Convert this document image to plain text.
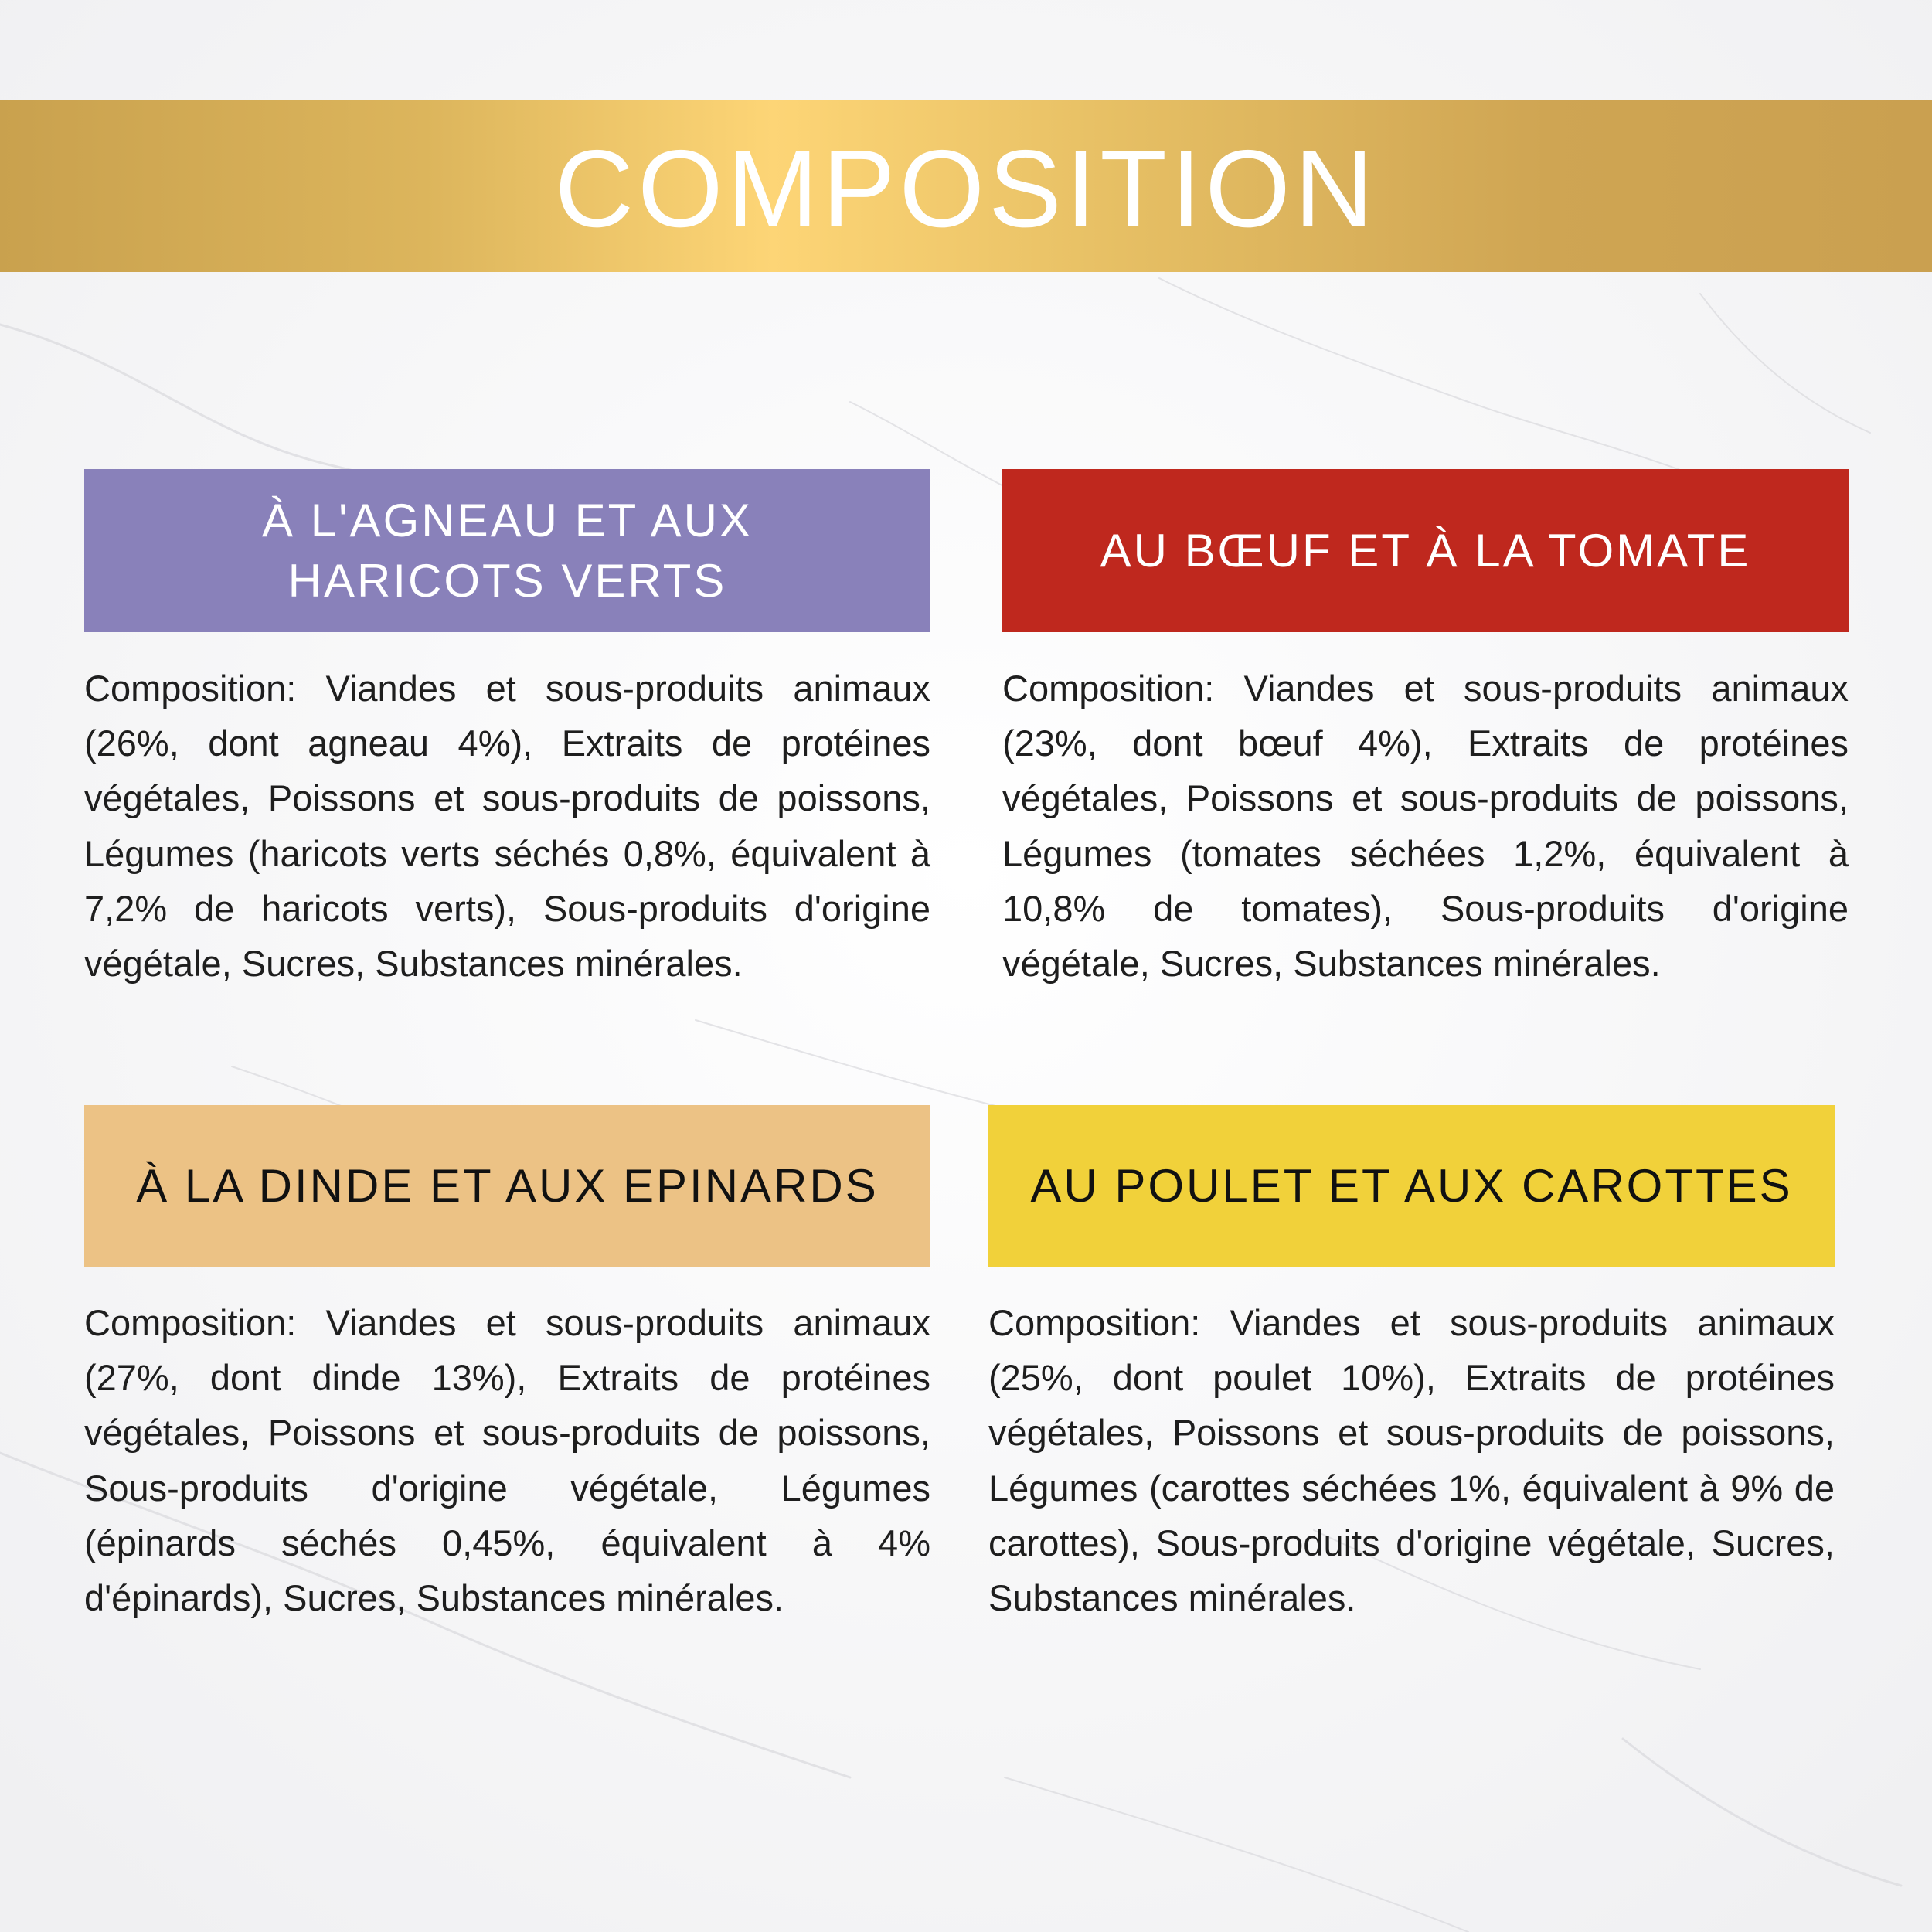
COMPOSITION
À L'AGNEAU ET AUX
HARICOTS VERTS

Composition: Viandes et sous-produits animaux (26%, dont agneau 4%), Extraits de protéines végétales, Poissons et sous-produits de poissons, Légumes (haricots verts séchés 0,8%, équivalent à 7,2% de haricots verts), Sous-produits d'origine végétale, Sucres, Substances minérales.

AU BŒUF ET À LA TOMATE

Composition: Viandes et sous-produits animaux (23%, dont bœuf 4%), Extraits de protéines végétales, Poissons et sous-produits de poissons, Légumes (tomates séchées 1,2%, équivalent à 10,8% de tomates), Sous-produits d'origine végétale, Sucres, Substances minérales.

À LA DINDE ET AUX EPINARDS

Composition: Viandes et sous-produits animaux (27%, dont dinde 13%), Extraits de protéines végétales, Poissons et sous-produits de poissons, Sous-produits d'origine végétale, Légumes (épinards séchés 0,45%, équivalent à 4% d'épinards), Sucres, Substances minérales.

AU POULET ET AUX CAROTTES

Composition: Viandes et sous-produits animaux (25%, dont poulet 10%), Extraits de protéines végétales, Poissons et sous-produits de poissons, Légumes (carottes séchées 1%, équivalent à 9% de carottes), Sous-produits d'origine végétale, Sucres, Substances minérales.
